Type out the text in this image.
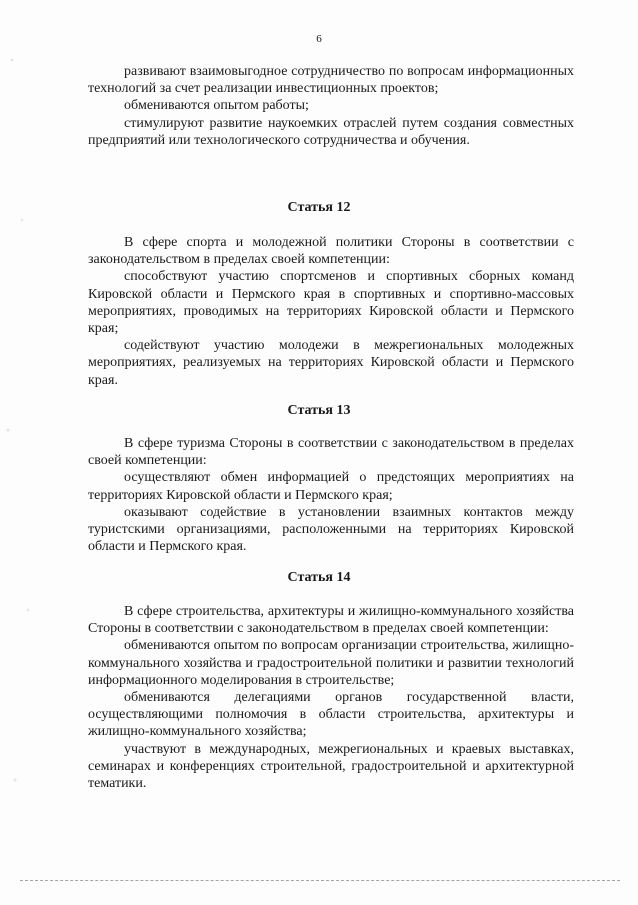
6

развивают взаимовыгодное сотрудничество по вопросам информационных технологий за счет реализации инвестиционных проектов;

обмениваются опытом работы;

стимулируют развитие наукоемких отраслей путем создания совместных предприятий или технологического сотрудничества и обучения.

Статья 12

В сфере спорта и молодежной политики Стороны в соответствии с законодательством в пределах своей компетенции:

способствуют участию спортсменов и спортивных сборных команд Кировской области и Пермского края в спортивных и спортивно-массовых мероприятиях, проводимых на территориях Кировской области и Пермского края;

содействуют участию молодежи в межрегиональных молодежных мероприятиях, реализуемых на территориях Кировской области и Пермского края.

Статья 13

В сфере туризма Стороны в соответствии с законодательством в пределах своей компетенции:

осуществляют обмен информацией о предстоящих мероприятиях на территориях Кировской области и Пермского края;

оказывают содействие в установлении взаимных контактов между туристскими организациями, расположенными на территориях Кировской области и Пермского края.

Статья 14

В сфере строительства, архитектуры и жилищно-коммунального хозяйства Стороны в соответствии с законодательством в пределах своей компетенции:

обмениваются опытом по вопросам организации строительства, жилищно-коммунального хозяйства и градостроительной политики и развитии технологий информационного моделирования в строительстве;

обмениваются делегациями органов государственной власти, осуществляющими полномочия в области строительства, архитектуры и жилищно-коммунального хозяйства;

участвуют в международных, межрегиональных и краевых выставках, семинарах и конференциях строительной, градостроительной и архитектурной тематики.
